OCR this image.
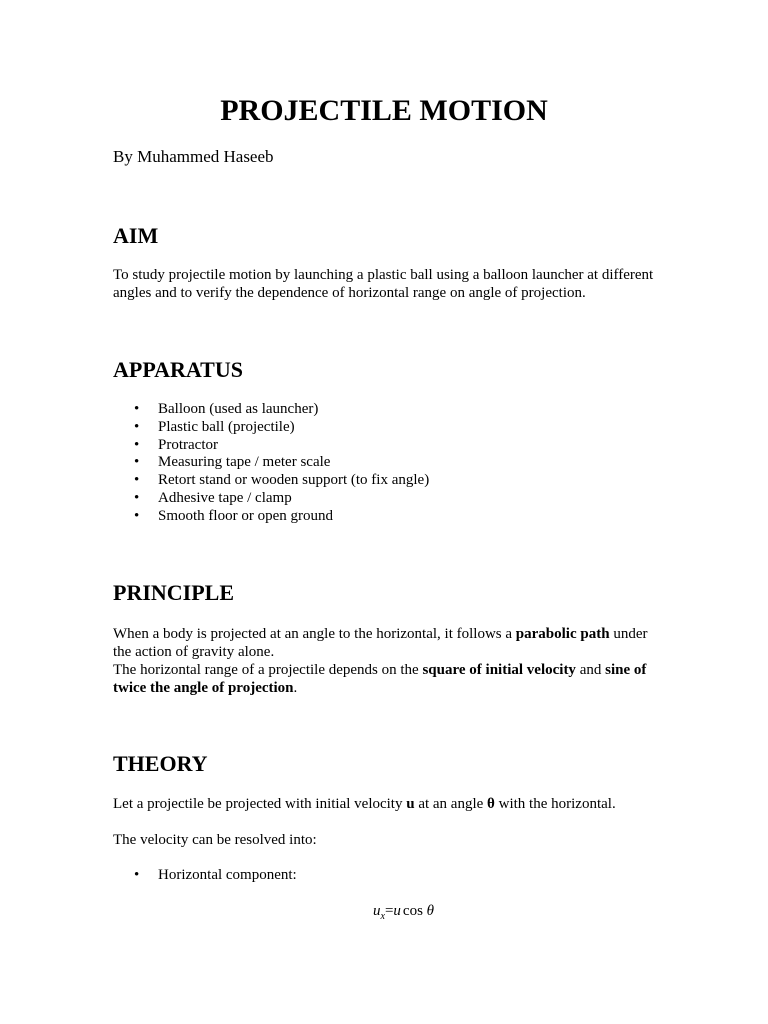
PROJECTILE MOTION

By Muhammed Haseeb

AIM

To study projectile motion by launching a plastic ball using a balloon launcher at different angles and to verify the dependence of horizontal range on angle of projection.

APPARATUS
• Balloon (used as launcher)
• Plastic ball (projectile)
• Protractor
• Measuring tape / meter scale
• Retort stand or wooden support (to fix angle)
• Adhesive tape / clamp
• Smooth floor or open ground
PRINCIPLE

When a body is projected at an angle to the horizontal, it follows a parabolic path under the action of gravity alone.
The horizontal range of a projectile depends on the square of initial velocity and sine of twice the angle of projection.

THEORY

Let a projectile be projected with initial velocity u at an angle θ with the horizontal.

The velocity can be resolved into:

• Horizontal component:
$u_x=u$ cos θ
